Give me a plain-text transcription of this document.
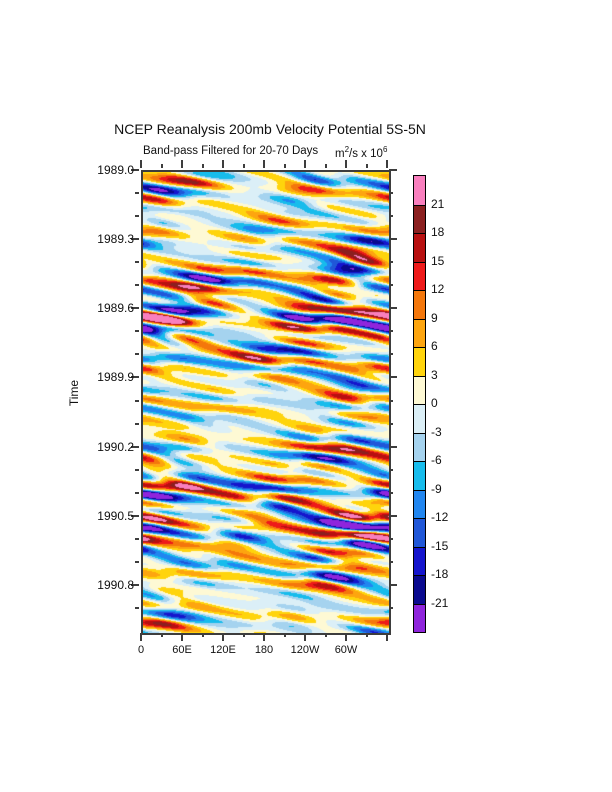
NCEP Reanalysis 200mb Velocity Potential 5S-5N
Band-pass Filtered for 20-70 Days $m^2/s$ x $10^6$
Time
0	60E	120E	180	120W	60W
1989.0
1989.3
1989.6
1989.9
1990.2
1990.5
1990.8
21
18
15
12
9
6
3
0
-3
-6
-9
-12
-15
-18
-21
